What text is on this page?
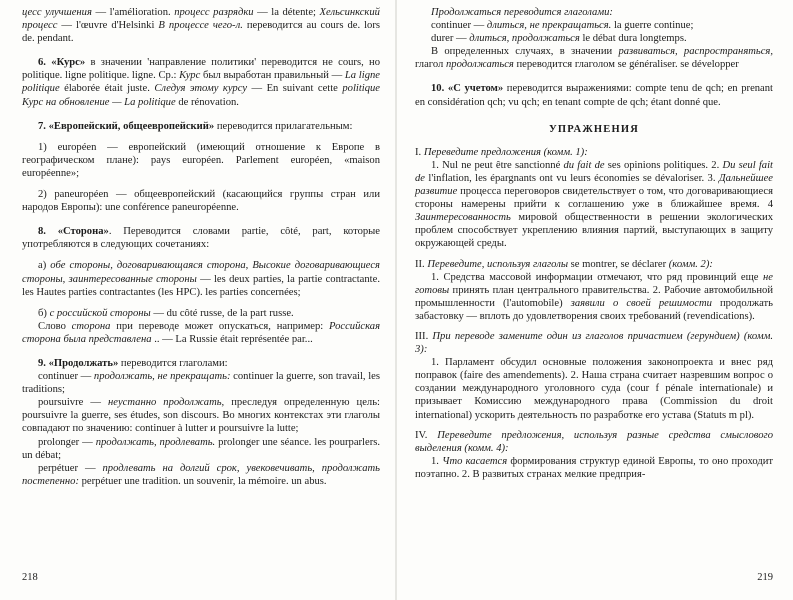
цесс улучшения — l'amélioration. процесс разрядки — la détente; Хельсинкский процесс — l'œuvre d'Helsinki В процессе чего-л. переводится au cours de. lors de. pendant.

6. «Курс» в значении 'направление политики' переводится не cours, но politique. ligne politique. ligne. Ср.: Курс был выработан правильный — La ligne politique élaborée était juste. Следуя этому курсу — En suivant cette politique Курс на обновление — La politique de rénovation.

7. «Европейский, общеевропейский» переводится прилагательным:

1) européen — европейский (имеющий отношение к Европе в географическом плане): pays européen. Parlement européen, «maison européenne»;

2) paneuropéen — общеевропейский (касающийся группы стран или народов Европы): une conférence paneuropéenne.

8. «Сторона». Переводится словами partie, côté, part, которые употребляются в следующих сочетаниях:

a) обе стороны, договаривающаяся сторона, Высокие договаривающиеся стороны, заинтересованные стороны — les deux parties, la partie contractante. les Hautes parties contractantes (les HPC). les parties concernées;

б) с российской стороны — du côté russe, de la part russe.

Слово сторона при переводе может опускаться, например: Российская сторона была представлена .. — La Russie était représentée par...

9. «Продолжать» переводится глаголами:

continuer — продолжать, не прекращать: continuer la guerre, son travail, les traditions;

poursuivre — неустанно продолжать, преследуя определенную цель: poursuivre la guerre, ses études, son discours. Во многих контекстах эти глаголы совпадают по значению: continuer à lutter и poursuivre la lutte;

prolonger — продолжать, продлевать. prolonger une séance. les pourparlers. un débat;

perpétuer — продлевать на долгий срок, увековечивать, продолжать постепенно: perpétuer une tradition. un souvenir, la mémoire. un abus.

218

Продолжаться переводится глаголами:

continuer — длиться, не прекращаться. la guerre continue;

durer — длиться, продолжаться le débat dura longtemps.

В определенных случаях, в значении развиваться, распространяться, глагол продолжаться переводится глаголом se généraliser. se développer

10. «С учетом» переводится выражениями: compte tenu de qch; en prenant en considération qch; vu qch; en tenant compte de qch; étant donné que.

УПРАЖНЕНИЯ

I. Переведите предложения (комм. 1):

1. Nul ne peut être sanctionné du fait de ses opinions politiques. 2. Du seul fait de l'inflation, les épargnants ont vu leurs économies se dévaloriser. 3. Дальнейшее развитие процесса переговоров свидетельствует о том, что договаривающиеся стороны намерены прийти к соглашению уже в ближайшее время. 4 Заинтересованность мировой общественности в решении экологических проблем способствует укреплению влияния партий, выступающих в защиту окружающей среды.

II. Переведите, используя глаголы se montrer, se déclarer (комм. 2):

1. Средства массовой информации отмечают, что ряд провинций еще не готовы принять план центрального правительства. 2. Рабочие автомобильной промышленности (l'automobile) заявили о своей решимости продолжать забастовку — вплоть до удовлетворения своих требований (revendications).

III. При переводе замените один из глаголов причастием (герундием) (комм. 3):

1. Парламент обсудил основные положения законопроекта и внес ряд поправок (faire des amendements). 2. Наша страна считает назревшим вопрос о создании международного уголовного суда (cour f pénale internationale) и призывает Комиссию международного права (Commission du droit international) ускорить деятельность по разработке его устава (Statuts m pl).

IV. Переведите предложения, используя разные средства смыслового выделения (комм. 4):

1. Что касается формирования структур единой Европы, то оно проходит поэтапно. 2. В развитых странах мелкие предприя-

219
